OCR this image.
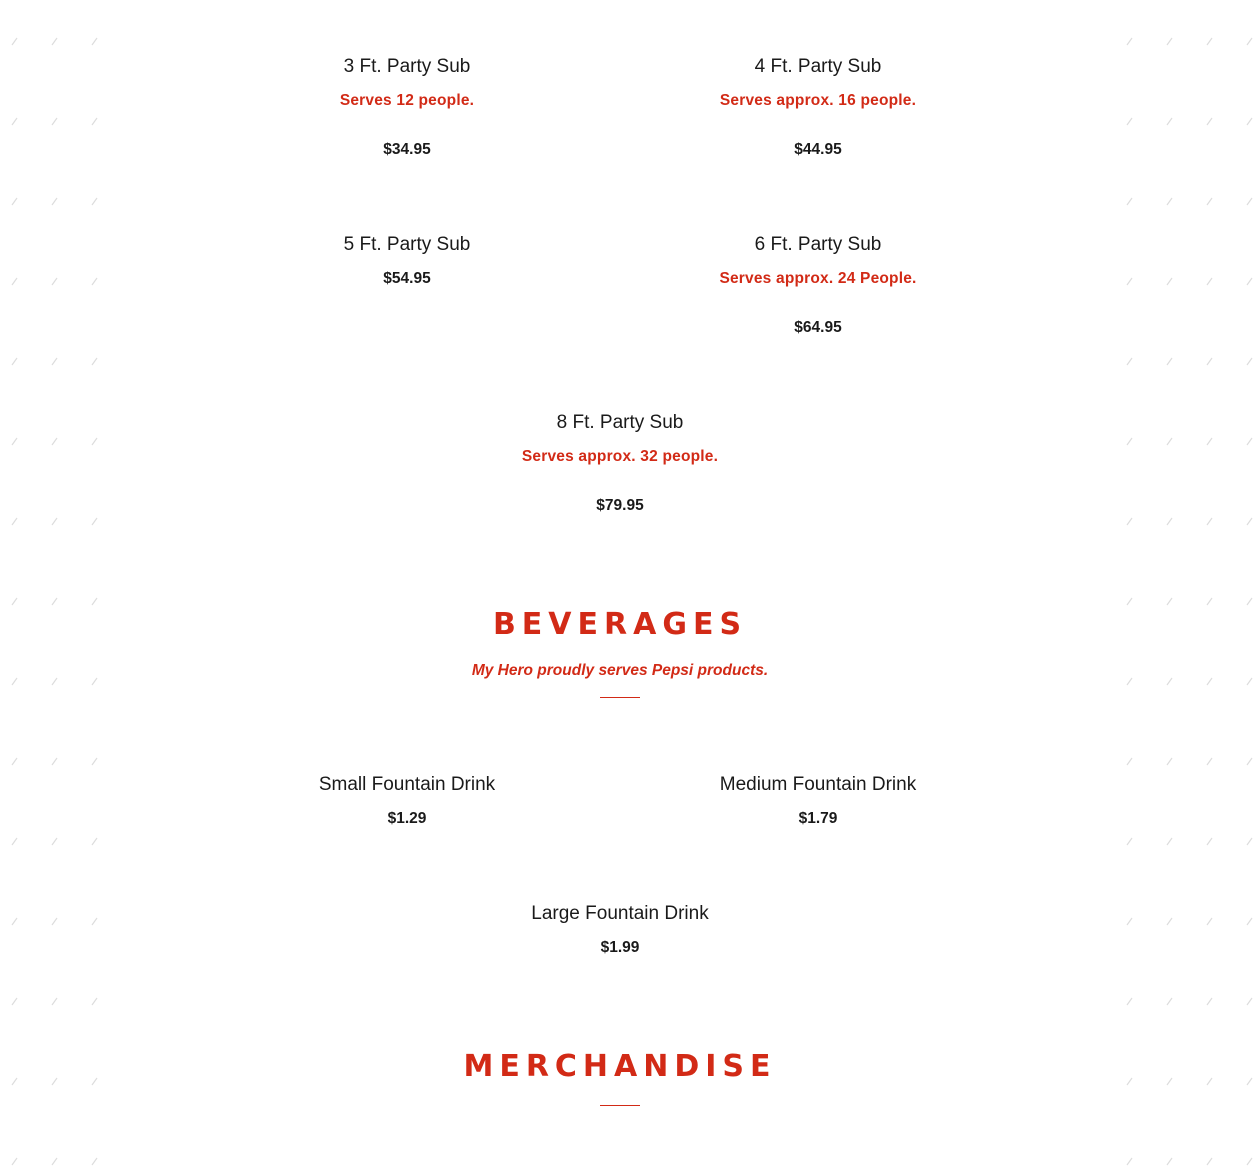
3 Ft. Party Sub
Serves 12 people.
$34.95
4 Ft. Party Sub
Serves approx. 16 people.
$44.95
5 Ft. Party Sub
$54.95
6 Ft. Party Sub
Serves approx. 24 People.
$64.95
8 Ft. Party Sub
Serves approx. 32 people.
$79.95
BEVERAGES
My Hero proudly serves Pepsi products.
Small Fountain Drink
$1.29
Medium Fountain Drink
$1.79
Large Fountain Drink
$1.99
MERCHANDISE
